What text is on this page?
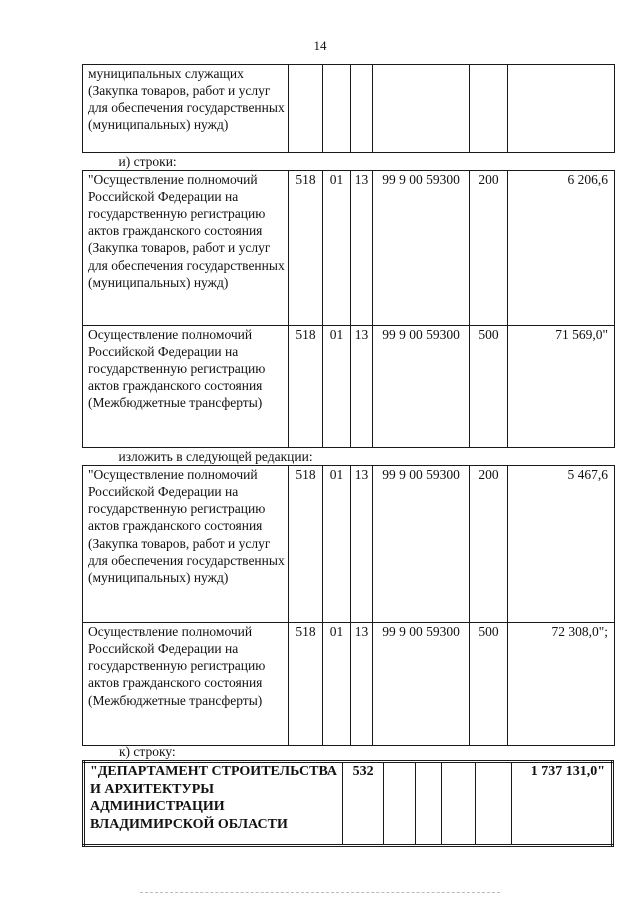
14
муниципальных служащих (Закупка товаров, работ и услуг для обеспечения государственных (муниципальных) нужд)						
и) строки:						
"Осуществление полномочий Российской Федерации на государственную регистрацию актов гражданского состояния (Закупка товаров, работ и услуг для обеспечения государственных (муниципальных) нужд)	518	01	13	99 9 00 59300	200	6 206,6
Осуществление полномочий Российской Федерации на государственную регистрацию актов гражданского состояния (Межбюджетные трансферты)	518	01	13	99 9 00 59300	500	71 569,0"
изложить в следующей редакции:						
"Осуществление полномочий Российской Федерации на государственную регистрацию актов гражданского состояния (Закупка товаров, работ и услуг для обеспечения государственных (муниципальных) нужд)	518	01	13	99 9 00 59300	200	5 467,6
Осуществление полномочий Российской Федерации на государственную регистрацию актов гражданского состояния (Межбюджетные трансферты)	518	01	13	99 9 00 59300	500	72 308,0";
к) строку:
"ДЕПАРТАМЕНТ СТРОИТЕЛЬСТВА И АРХИТЕКТУРЫ АДМИНИСТРАЦИИ ВЛАДИМИРСКОЙ ОБЛАСТИ	532					1 737 131,0"
